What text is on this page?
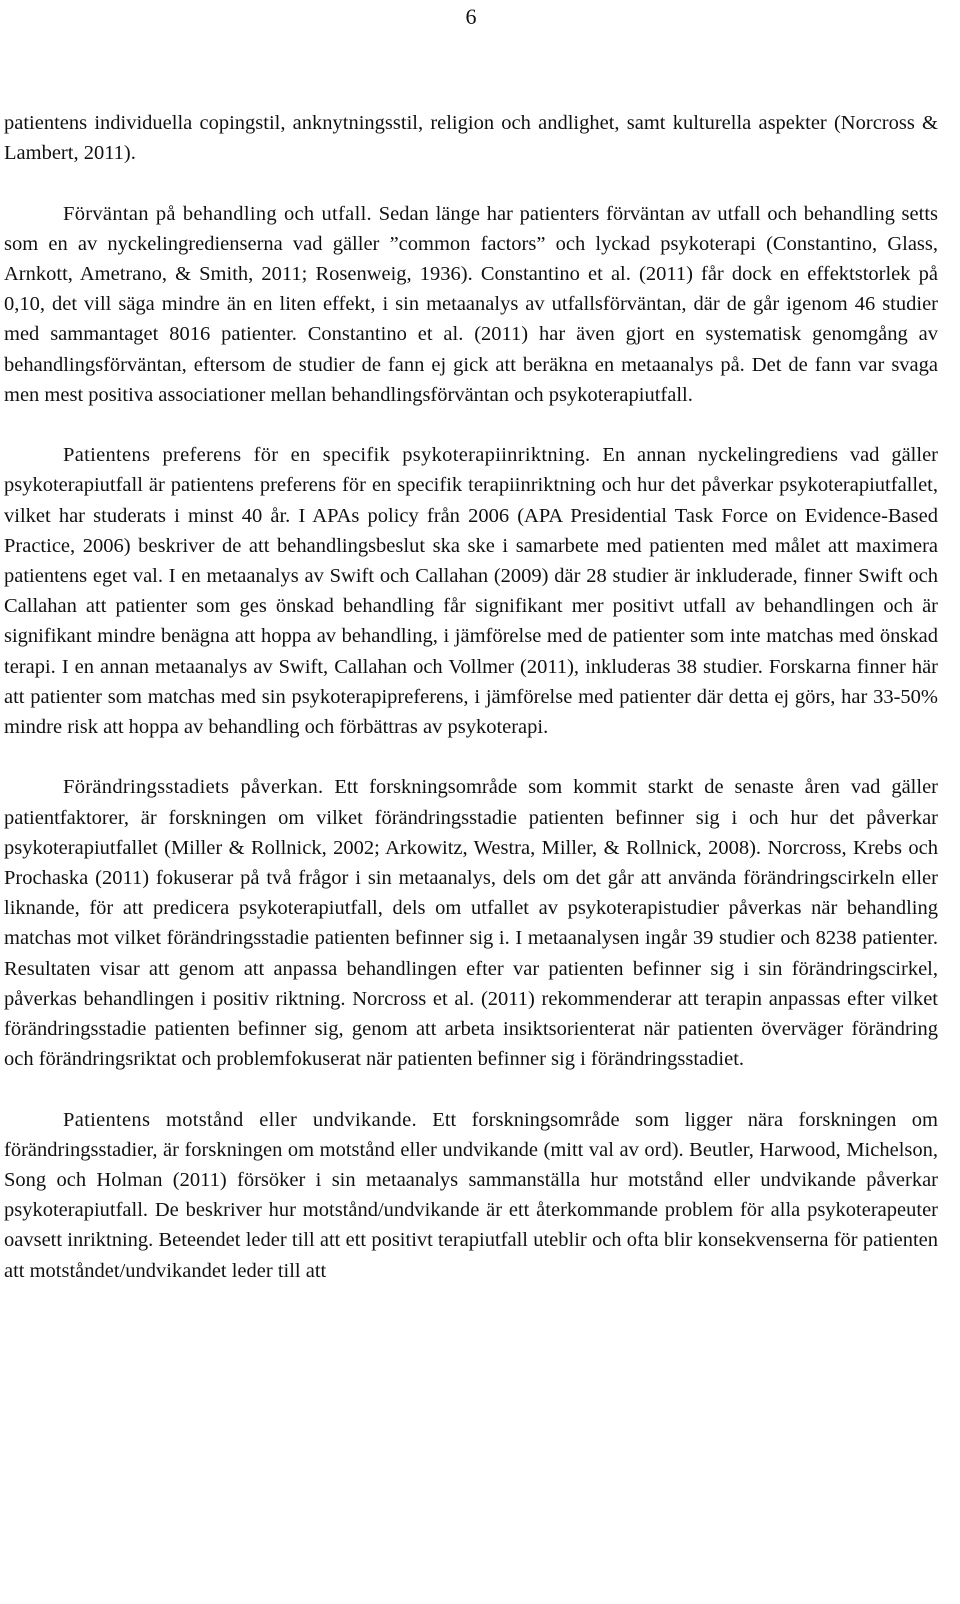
6

patientens individuella copingstil, anknytningsstil, religion och andlighet, samt kulturella aspekter (Norcross & Lambert, 2011).

Förväntan på behandling och utfall. Sedan länge har patienters förväntan av utfall och behandling setts som en av nyckelingredienserna vad gäller ”common factors” och lyckad psykoterapi (Constantino, Glass, Arnkott, Ametrano, & Smith, 2011; Rosenweig, 1936). Constantino et al. (2011) får dock en effektstorlek på 0,10, det vill säga mindre än en liten effekt, i sin metaanalys av utfallsförväntan, där de går igenom 46 studier med sammantaget 8016 patienter. Constantino et al. (2011) har även gjort en systematisk genomgång av behandlingsförväntan, eftersom de studier de fann ej gick att beräkna en metaanalys på. Det de fann var svaga men mest positiva associationer mellan behandlingsförväntan och psykoterapiutfall.

Patientens preferens för en specifik psykoterapiinriktning. En annan nyckelingrediens vad gäller psykoterapiutfall är patientens preferens för en specifik terapiinriktning och hur det påverkar psykoterapiutfallet, vilket har studerats i minst 40 år. I APAs policy från 2006 (APA Presidential Task Force on Evidence-Based Practice, 2006) beskriver de att behandlingsbeslut ska ske i samarbete med patienten med målet att maximera patientens eget val. I en metaanalys av Swift och Callahan (2009) där 28 studier är inkluderade, finner Swift och Callahan att patienter som ges önskad behandling får signifikant mer positivt utfall av behandlingen och är signifikant mindre benägna att hoppa av behandling, i jämförelse med de patienter som inte matchas med önskad terapi. I en annan metaanalys av Swift, Callahan och Vollmer (2011), inkluderas 38 studier. Forskarna finner här att patienter som matchas med sin psykoterapipreferens, i jämförelse med patienter där detta ej görs, har 33-50% mindre risk att hoppa av behandling och förbättras av psykoterapi.

Förändringsstadiets påverkan. Ett forskningsområde som kommit starkt de senaste åren vad gäller patientfaktorer, är forskningen om vilket förändringsstadie patienten befinner sig i och hur det påverkar psykoterapiutfallet (Miller & Rollnick, 2002; Arkowitz, Westra, Miller, & Rollnick, 2008). Norcross, Krebs och Prochaska (2011) fokuserar på två frågor i sin metaanalys, dels om det går att använda förändringscirkeln eller liknande, för att predicera psykoterapiutfall, dels om utfallet av psykoterapistudier påverkas när behandling matchas mot vilket förändringsstadie patienten befinner sig i. I metaanalysen ingår 39 studier och 8238 patienter. Resultaten visar att genom att anpassa behandlingen efter var patienten befinner sig i sin förändringscirkel, påverkas behandlingen i positiv riktning. Norcross et al. (2011) rekommenderar att terapin anpassas efter vilket förändringsstadie patienten befinner sig, genom att arbeta insiktsorienterat när patienten överväger förändring och förändringsriktat och problemfokuserat när patienten befinner sig i förändringsstadiet.

Patientens motstånd eller undvikande. Ett forskningsområde som ligger nära forskningen om förändringsstadier, är forskningen om motstånd eller undvikande (mitt val av ord). Beutler, Harwood, Michelson, Song och Holman (2011) försöker i sin metaanalys sammanställa hur motstånd eller undvikande påverkar psykoterapiutfall. De beskriver hur motstånd/undvikande är ett återkommande problem för alla psykoterapeuter oavsett inriktning. Beteendet leder till att ett positivt terapiutfall uteblir och ofta blir konsekvenserna för patienten att motståndet/undvikandet leder till att
